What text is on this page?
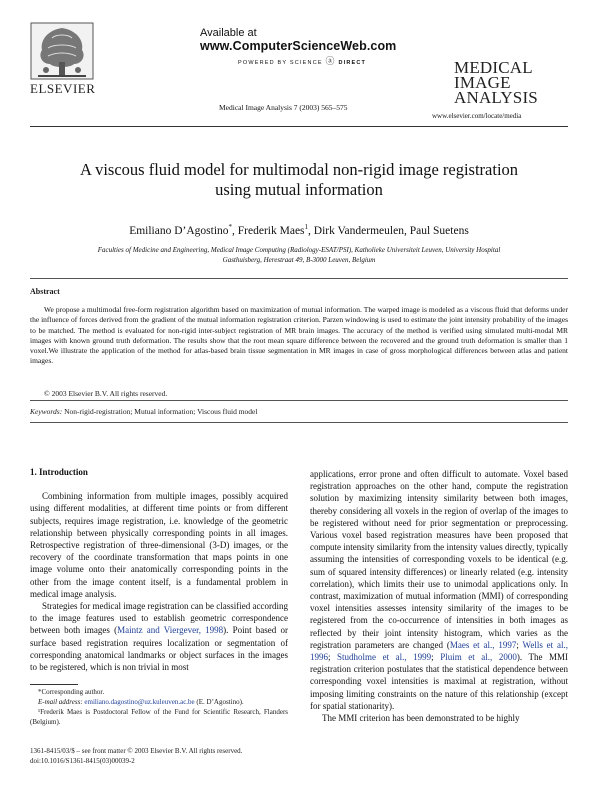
ELSEVIER
Available at
www.ComputerScienceWeb.com
POWERED BY SCIENCE ⓐ DIRECT
Medical Image Analysis 7 (2003) 565–575
MEDICAL
IMAGE
ANALYSIS
www.elsevier.com/locate/media
A viscous fluid model for multimodal non-rigid image registration
using mutual information
Emiliano D’Agostino*, Frederik Maes$^1$, Dirk Vandermeulen, Paul Suetens
Faculties of Medicine and Engineering, Medical Image Computing (Radiology-ESAT/PSI), Katholieke Universiteit Leuven, University Hospital
Gasthuisberg, Herestraat 49, B-3000 Leuven, Belgium
Abstract
We propose a multimodal free-form registration algorithm based on maximization of mutual information. The warped image is modeled as a viscous fluid that deforms under the influence of forces derived from the gradient of the mutual information registration criterion. Parzen windowing is used to estimate the joint intensity probability of the images to be matched. The method is evaluated for non-rigid inter-subject registration of MR brain images. The accuracy of the method is verified using simulated multi-modal MR images with known ground truth deformation. The results show that the root mean square difference between the recovered and the ground truth deformation is smaller than 1 voxel.We illustrate the application of the method for atlas-based brain tissue segmentation in MR images in case of gross morphological differences between atlas and patient images.
© 2003 Elsevier B.V. All rights reserved.
Keywords: Non-rigid-registration; Mutual information; Viscous fluid model
1. Introduction

Combining information from multiple images, possibly acquired using different modalities, at different time points or from different subjects, requires image registration, i.e. knowledge of the geometric relationship between physically corresponding points in all images. Retrospective registration of three-dimensional (3-D) images, or the recovery of the coordinate transformation that maps points in one image volume onto their anatomically corresponding points in the other from the image content itself, is a fundamental problem in medical image analysis.

Strategies for medical image registration can be classified according to the image features used to establish geometric correspondence between both images (Maintz and Viergever, 1998). Point based or surface based registration requires localization or segmentation of corresponding anatomical landmarks or object surfaces in the images to be registered, which is non trivial in most

applications, error prone and often difficult to automate. Voxel based registration approaches on the other hand, compute the registration solution by maximizing intensity similarity between both images, thereby considering all voxels in the region of overlap of the images to be registered without need for prior segmentation or preprocessing. Various voxel based registration measures have been proposed that compute intensity similarity from the intensity values directly, typically assuming the intensities of corresponding voxels to be identical (e.g. sum of squared intensity differences) or linearly related (e.g. intensity correlation), which limits their use to unimodal applications only. In contrast, maximization of mutual information (MMI) of corresponding voxel intensities assesses intensity similarity of the images to be registered from the co-occurrence of intensities in both images as reflected by their joint intensity histogram, which varies as the registration parameters are changed (Maes et al., 1997; Wells et al., 1996; Studholme et al., 1999; Pluim et al., 2000). The MMI registration criterion postulates that the statistical dependence between corresponding voxel intensities is maximal at registration, without imposing limiting constraints on the nature of this relationship (except for spatial stationarity).

The MMI criterion has been demonstrated to be highly

*Corresponding author.

E-mail address: emiliano.dagostino@uz.kuleuven.ac.be (E. D’Agostino).

¹Frederik Maes is Postdoctoral Fellow of the Fund for Scientific Research, Flanders (Belgium).

1361-8415/03/$ – see front matter © 2003 Elsevier B.V. All rights reserved.
doi:10.1016/S1361-8415(03)00039-2
